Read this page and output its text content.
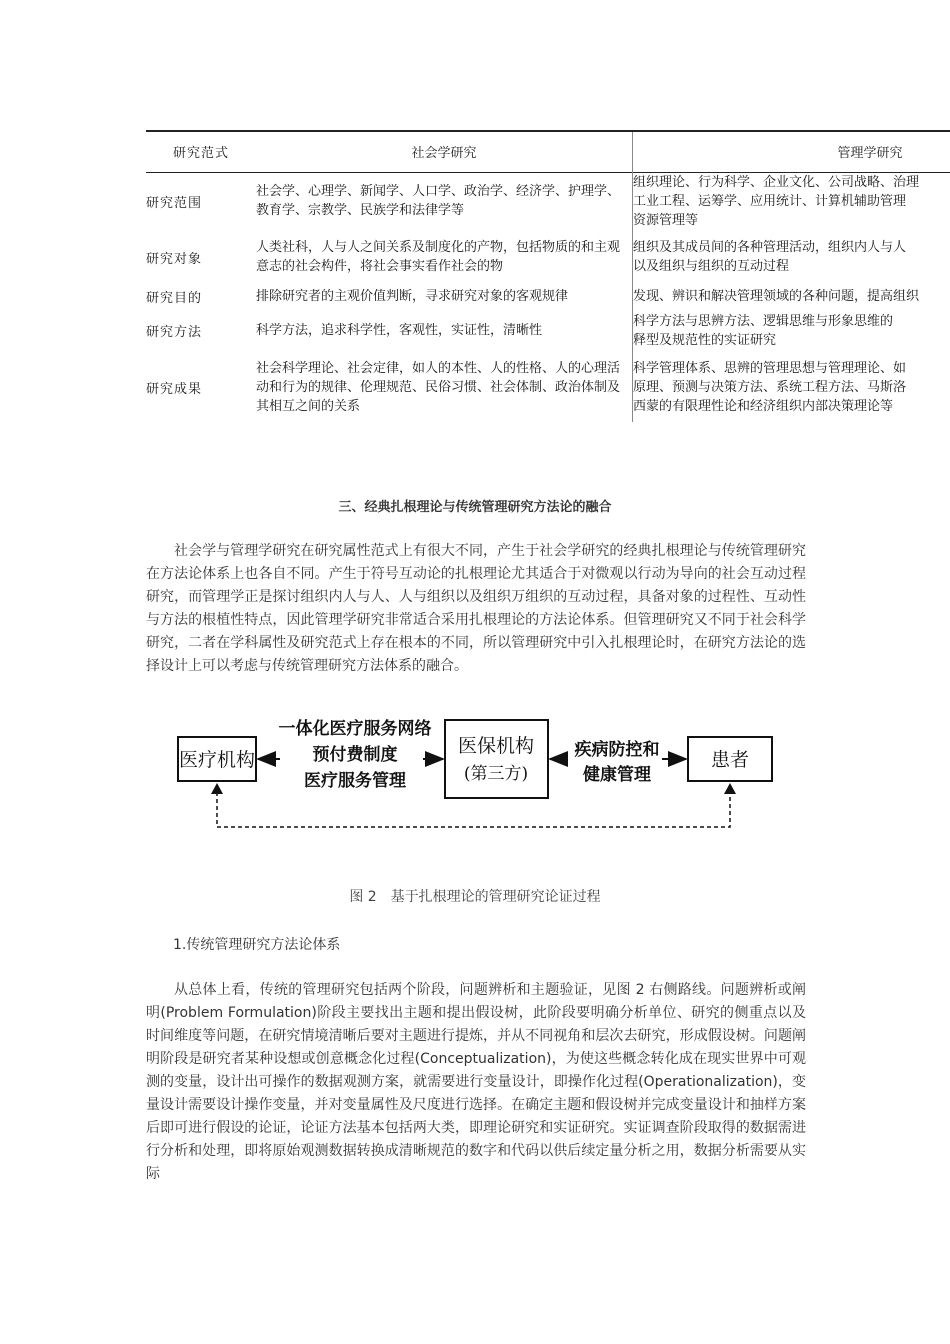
研究范式	社会学研究	管理学研究
研究范围	社会学、心理学、新闻学、人口学、政治学、经济学、护理学、教育学、宗教学、民族学和法律学等	组织理论、行为科学、企业文化、公司战略、治理
工业工程、运筹学、应用统计、计算机辅助管理
资源管理等

研究对象	人类社科，人与人之间关系及制度化的产物，包括物质的和主观意志的社会构件，将社会事实看作社会的物	组织及其成员间的各种管理活动，组织内人与人
以及组织与组织的互动过程

研究目的	排除研究者的主观价值判断，寻求研究对象的客观规律	发现、辨识和解决管理领域的各种问题，提高组织

研究方法	科学方法，追求科学性，客观性，实证性，清晰性	科学方法与思辨方法、逻辑思维与形象思维的
释型及规范性的实证研究

研究成果	社会科学理论、社会定律，如人的本性、人的性格、人的心理活动和行为的规律、伦理规范、民俗习惯、社会体制、政治体制及其相互之间的关系	科学管理体系、思辨的管理思想与管理理论、如
原理、预测与决策方法、系统工程方法、马斯洛
西蒙的有限理性论和经济组织内部决策理论等
三、经典扎根理论与传统管理研究方法论的融合

社会学与管理学研究在研究属性范式上有很大不同，产生于社会学研究的经典扎根理论与传统管理研究在方法论体系上也各自不同。产生于符号互动论的扎根理论尤其适合于对微观以行动为导向的社会互动过程研究，而管理学正是探讨组织内人与人、人与组织以及组织万组织的互动过程，具备对象的过程性、互动性与方法的根植性特点，因此管理学研究非常适合采用扎根理论的方法论体系。但管理研究又不同于社会科学研究，二者在学科属性及研究范式上存在根本的不同，所以管理研究中引入扎根理论时，在研究方法论的选择设计上可以考虑与传统管理研究方法体系的融合。

医疗机构
医保机构
(第三方)
患者
一体化医疗服务网络
预付费制度
医疗服务管理
疾病防控和
健康管理
图 2　基于扎根理论的管理研究论证过程
1.传统管理研究方法论体系

从总体上看，传统的管理研究包括两个阶段，问题辨析和主题验证，见图 2 右侧路线。问题辨析或阐明(Problem Formulation)阶段主要找出主题和提出假设树，此阶段要明确分析单位、研究的侧重点以及时间维度等问题，在研究情境清晰后要对主题进行提炼，并从不同视角和层次去研究，形成假设树。问题阐明阶段是研究者某种设想或创意概念化过程(Conceptualization)，为使这些概念转化成在现实世界中可观测的变量，设计出可操作的数据观测方案，就需要进行变量设计，即操作化过程(Operationalization)，变量设计需要设计操作变量，并对变量属性及尺度进行选择。在确定主题和假设树并完成变量设计和抽样方案后即可进行假设的论证，论证方法基本包括两大类，即理论研究和实证研究。实证调查阶段取得的数据需进行分析和处理，即将原始观测数据转换成清晰规范的数字和代码以供后续定量分析之用，数据分析需要从实际
